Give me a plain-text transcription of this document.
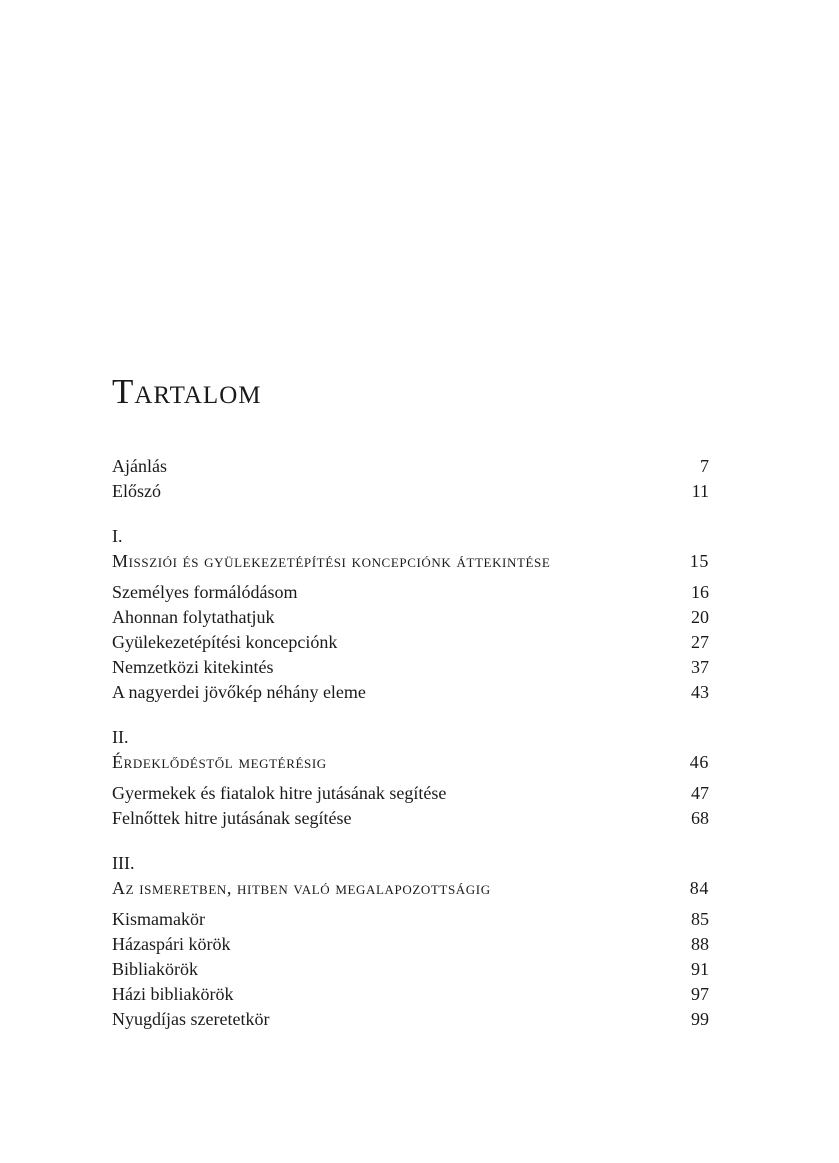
Tartalom
Ajánlás	7
Előszó	11
I.
Missziói és gyülekezetépítési koncepciónk áttekintése	15
Személyes formálódásom	16
Ahonnan folytathatjuk	20
Gyülekezetépítési koncepciónk	27
Nemzetközi kitekintés	37
A nagyerdei jövőkép néhány eleme	43
II.
Érdeklődéstől megtérésig	46
Gyermekek és fiatalok hitre jutásának segítése	47
Felnőttek hitre jutásának segítése	68
III.
Az ismeretben, hitben való megalapozottságig	84
Kismamakör	85
Házaspári körök	88
Bibliakörök	91
Házi bibliakörök	97
Nyugdíjas szeretetkör	99
